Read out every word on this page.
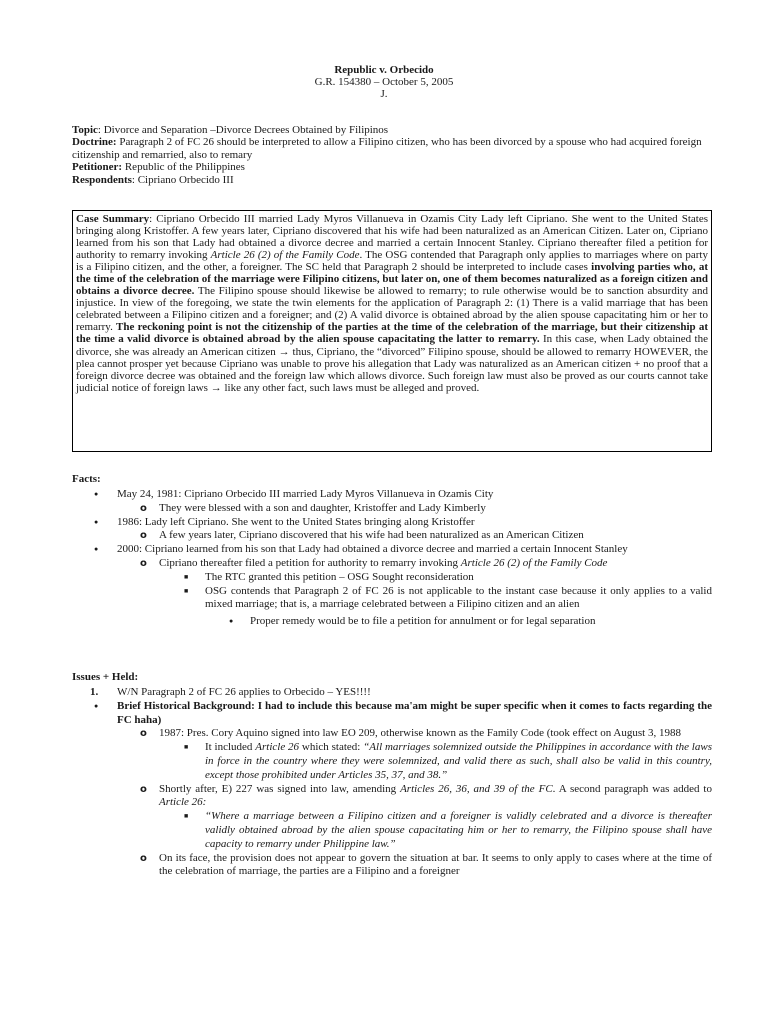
Republic v. Orbecido
G.R. 154380 – October 5, 2005
J.
Topic: Divorce and Separation –Divorce Decrees Obtained by Filipinos
Doctrine: Paragraph 2 of FC 26 should be interpreted to allow a Filipino citizen, who has been divorced by a spouse who had acquired foreign citizenship and remarried, also to remary
Petitioner: Republic of the Philippines
Respondents: Cipriano Orbecido III
Case Summary: Cipriano Orbecido III married Lady Myros Villanueva in Ozamis City Lady left Cipriano. She went to the United States bringing along Kristoffer. A few years later, Cipriano discovered that his wife had been naturalized as an American Citizen. Later on, Cipriano learned from his son that Lady had obtained a divorce decree and married a certain Innocent Stanley. Cipriano thereafter filed a petition for authority to remarry invoking Article 26 (2) of the Family Code. The OSG contended that Paragraph only applies to marriages where on party is a Filipino citizen, and the other, a foreigner. The SC held that Paragraph 2 should be interpreted to include cases involving parties who, at the time of the celebration of the marriage were Filipino citizens, but later on, one of them becomes naturalized as a foreign citizen and obtains a divorce decree. The Filipino spouse should likewise be allowed to remarry; to rule otherwise would be to sanction absurdity and injustice. In view of the foregoing, we state the twin elements for the application of Paragraph 2: (1) There is a valid marriage that has been celebrated between a Filipino citizen and a foreigner; and (2) A valid divorce is obtained abroad by the alien spouse capacitating him or her to remarry. The reckoning point is not the citizenship of the parties at the time of the celebration of the marriage, but their citizenship at the time a valid divorce is obtained abroad by the alien spouse capacitating the latter to remarry. In this case, when Lady obtained the divorce, she was already an American citizen → thus, Cipriano, the “divorced” Filipino spouse, should be allowed to remarry HOWEVER, the plea cannot prosper yet because Cipriano was unable to prove his allegation that Lady was naturalized as an American citizen + no proof that a foreign divorce decree was obtained and the foreign law which allows divorce. Such foreign law must also be proved as our courts cannot take judicial notice of foreign laws → like any other fact, such laws must be alleged and proved.
Facts:
●
May 24, 1981: Cipriano Orbecido III married Lady Myros Villanueva in Ozamis City
o They were blessed with a son and daughter, Kristoffer and Lady Kimberly
●
1986: Lady left Cipriano. She went to the United States bringing along Kristoffer
o A few years later, Cipriano discovered that his wife had been naturalized as an American Citizen
●
2000: Cipriano learned from his son that Lady had obtained a divorce decree and married a certain Innocent Stanley
o Cipriano thereafter filed a petition for authority to remarry invoking Article 26 (2) of the Family Code
■
The RTC granted this petition – OSG Sought reconsideration
■
OSG contends that Paragraph 2 of FC 26 is not applicable to the instant case because it only applies to a valid mixed marriage; that is, a marriage celebrated between a Filipino citizen and an alien
●
Proper remedy would be to file a petition for annulment or for legal separation
Issues + Held:
1. W/N Paragraph 2 of FC 26 applies to Orbecido – YES!!!!
●
Brief Historical Background: I had to include this because ma'am might be super specific when it comes to facts regarding the FC haha)
o 1987: Pres. Cory Aquino signed into law EO 209, otherwise known as the Family Code (took effect on August 3, 1988
■
It included Article 26 which stated: “All marriages solemnized outside the Philippines in accordance with the laws in force in the country where they were solemnized, and valid there as such, shall also be valid in this country, except those prohibited under Articles 35, 37, and 38.”
o Shortly after, E) 227 was signed into law, amending Articles 26, 36, and 39 of the FC. A second paragraph was added to Article 26:
■
“Where a marriage between a Filipino citizen and a foreigner is validly celebrated and a divorce is thereafter validly obtained abroad by the alien spouse capacitating him or her to remarry, the Filipino spouse shall have capacity to remarry under Philippine law.”
o On its face, the provision does not appear to govern the situation at bar. It seems to only apply to cases where at the time of the celebration of marriage, the parties are a Filipino and a foreigner
